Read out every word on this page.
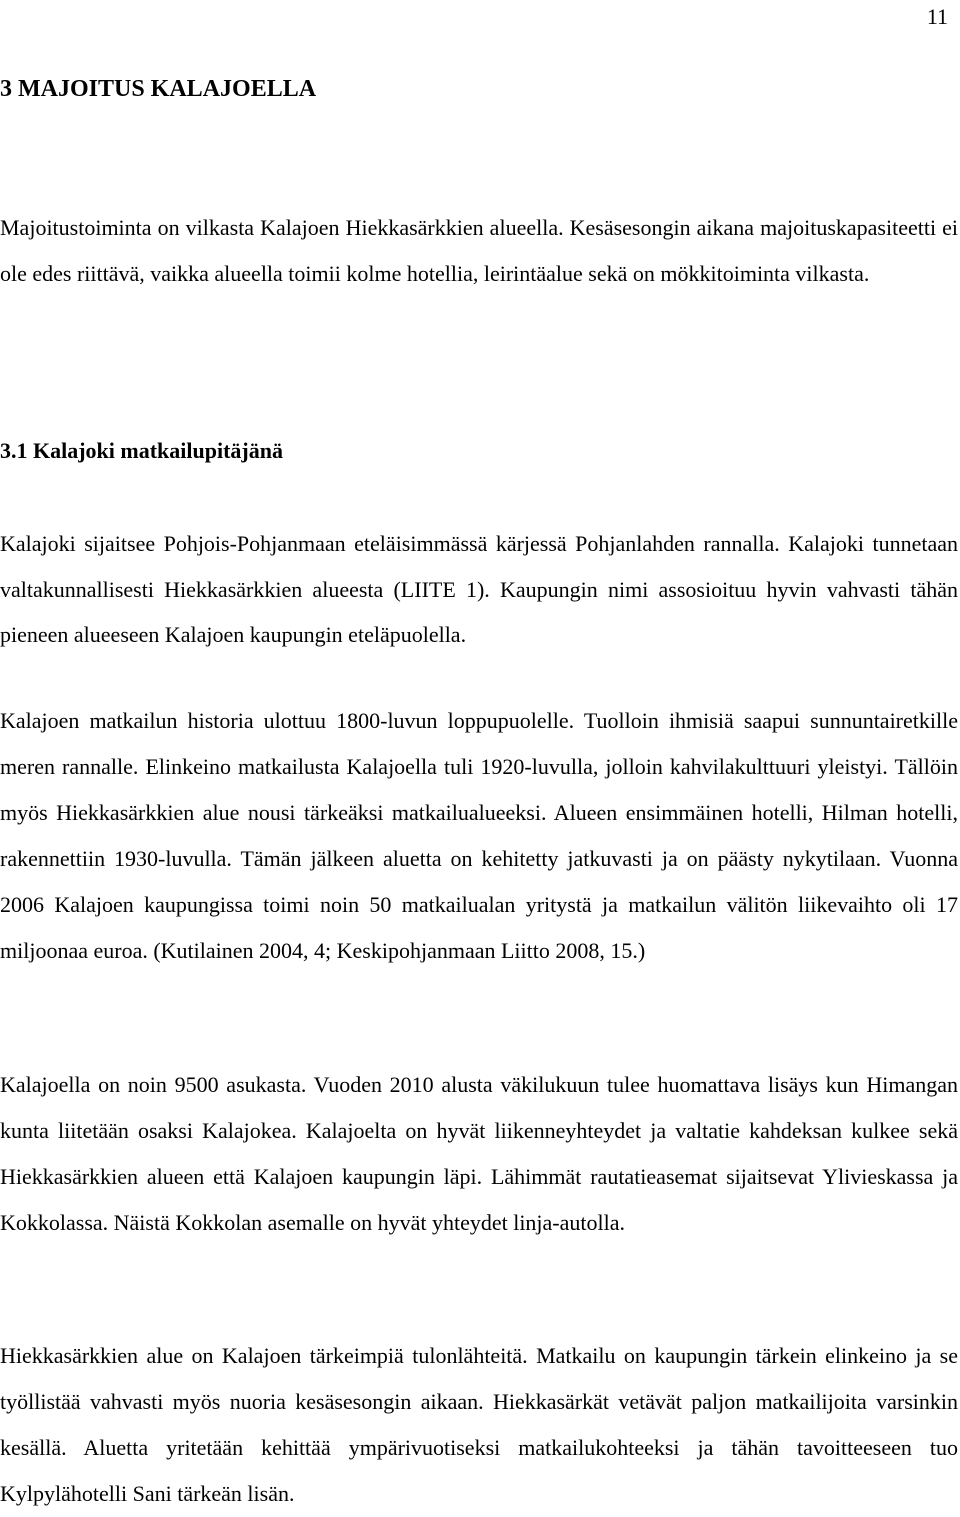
11
3 MAJOITUS KALAJOELLA

Majoitustoiminta on vilkasta Kalajoen Hiekkasärkkien alueella. Kesäsesongin aikana majoituskapasiteetti ei ole edes riittävä, vaikka alueella toimii kolme hotellia, leirintäalue sekä on mökkitoiminta vilkasta.

3.1 Kalajoki matkailupitäjänä

Kalajoki sijaitsee Pohjois-Pohjanmaan eteläisimmässä kärjessä Pohjanlahden rannalla. Kalajoki tunnetaan valtakunnallisesti Hiekkasärkkien alueesta (LIITE 1). Kaupungin nimi assosioituu hyvin vahvasti tähän pieneen alueeseen Kalajoen kaupungin eteläpuolella.

Kalajoen matkailun historia ulottuu 1800-luvun loppupuolelle. Tuolloin ihmisiä saapui sunnuntairetkille meren rannalle. Elinkeino matkailusta Kalajoella tuli 1920-luvulla, jolloin kahvilakulttuuri yleistyi. Tällöin myös Hiekkasärkkien alue nousi tärkeäksi matkailualueeksi. Alueen ensimmäinen hotelli, Hilman hotelli, rakennettiin 1930-luvulla. Tämän jälkeen aluetta on kehitetty jatkuvasti ja on päästy nykytilaan. Vuonna 2006 Kalajoen kaupungissa toimi noin 50 matkailualan yritystä ja matkailun välitön liikevaihto oli 17 miljoonaa euroa. (Kutilainen 2004, 4; Keskipohjanmaan Liitto 2008, 15.)

Kalajoella on noin 9500 asukasta. Vuoden 2010 alusta väkilukuun tulee huomattava lisäys kun Himangan kunta liitetään osaksi Kalajokea. Kalajoelta on hyvät liikenneyhteydet ja valtatie kahdeksan kulkee sekä Hiekkasärkkien alueen että Kalajoen kaupungin läpi. Lähimmät rautatieasemat sijaitsevat Ylivieskassa ja Kokkolassa. Näistä Kokkolan asemalle on hyvät yhteydet linja-autolla.

Hiekkasärkkien alue on Kalajoen tärkeimpiä tulonlähteitä. Matkailu on kaupungin tärkein elinkeino ja se työllistää vahvasti myös nuoria kesäsesongin aikaan. Hiekkasärkät vetävät paljon matkailijoita varsinkin kesällä. Aluetta yritetään kehittää ympärivuotiseksi matkailukohteeksi ja tähän tavoitteeseen tuo Kylpylähotelli Sani tärkeän lisän.
